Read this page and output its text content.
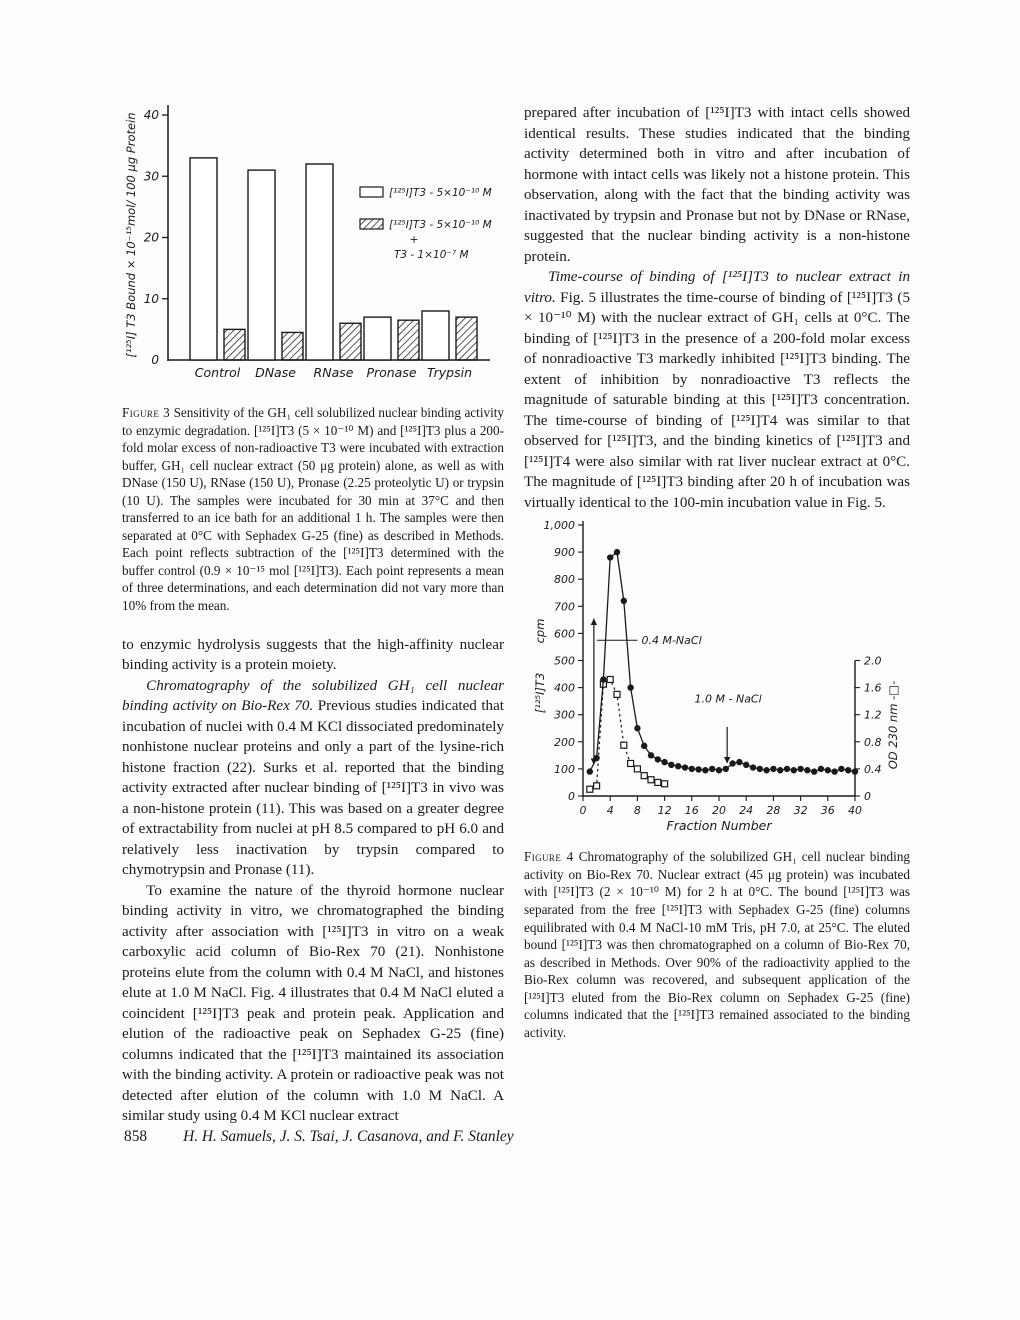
0
10
20
30
40
Control DNase RNase Pronase Trypsin
[¹²⁵I]T3 - 5×10⁻¹⁰ M
[¹²⁵I]T3 - 5×10⁻¹⁰ M
+
T3 - 1×10⁻⁷ M
[¹²⁵I] T3 Bound × 10⁻¹⁵mol/ 100 μg Protein
Figure 3 Sensitivity of the GH₁ cell solubilized nuclear binding activity to enzymic degradation. [¹²⁵I]T3 (5 × 10⁻¹⁰ M) and [¹²⁵I]T3 plus a 200-fold molar excess of non-radioactive T3 were incubated with extraction buffer, GH₁ cell nuclear extract (50 μg protein) alone, as well as with DNase (150 U), RNase (150 U), Pronase (2.25 proteolytic U) or trypsin (10 U). The samples were incubated for 30 min at 37°C and then transferred to an ice bath for an additional 1 h. The samples were then separated at 0°C with Sephadex G-25 (fine) as described in Methods. Each point reflects subtraction of the [¹²⁵I]T3 determined with the buffer control (0.9 × 10⁻¹⁵ mol [¹²⁵I]T3). Each point represents a mean of three determinations, and each determination did not vary more than 10% from the mean.

to enzymic hydrolysis suggests that the high-affinity nuclear binding activity is a protein moiety.

Chromatography of the solubilized GH₁ cell nuclear binding activity on Bio-Rex 70. Previous studies indicated that incubation of nuclei with 0.4 M KCl dissociated predominately nonhistone nuclear proteins and only a part of the lysine-rich histone fraction (22). Surks et al. reported that the binding activity extracted after nuclear binding of [¹²⁵I]T3 in vivo was a non-histone protein (11). This was based on a greater degree of extractability from nuclei at pH 8.5 compared to pH 6.0 and relatively less inactivation by trypsin compared to chymotrypsin and Pronase (11).

To examine the nature of the thyroid hormone nuclear binding activity in vitro, we chromatographed the binding activity after association with [¹²⁵I]T3 in vitro on a weak carboxylic acid column of Bio-Rex 70 (21). Nonhistone proteins elute from the column with 0.4 M NaCl, and histones elute at 1.0 M NaCl. Fig. 4 illustrates that 0.4 M NaCl eluted a coincident [¹²⁵I]T3 peak and protein peak. Application and elution of the radioactive peak on Sephadex G-25 (fine) columns indicated that the [¹²⁵I]T3 maintained its association with the binding activity. A protein or radioactive peak was not detected after elution of the column with 1.0 M NaCl. A similar study using 0.4 M KCl nuclear extract

prepared after incubation of [¹²⁵I]T3 with intact cells showed identical results. These studies indicated that the binding activity determined both in vitro and after incubation of hormone with intact cells was likely not a histone protein. This observation, along with the fact that the binding activity was inactivated by trypsin and Pronase but not by DNase or RNase, suggested that the nuclear binding activity is a non-histone protein.

Time-course of binding of [¹²⁵I]T3 to nuclear extract in vitro. Fig. 5 illustrates the time-course of binding of [¹²⁵I]T3 (5 × 10⁻¹⁰ M) with the nuclear extract of GH₁ cells at 0°C. The binding of [¹²⁵I]T3 in the presence of a 200-fold molar excess of nonradioactive T3 markedly inhibited [¹²⁵I]T3 binding. The extent of inhibition by nonradioactive T3 reflects the magnitude of saturable binding at this [¹²⁵I]T3 concentration. The time-course of binding of [¹²⁵I]T4 was similar to that observed for [¹²⁵I]T3, and the binding kinetics of [¹²⁵I]T3 and [¹²⁵I]T4 were also similar with rat liver nuclear extract at 0°C. The magnitude of [¹²⁵I]T3 binding after 20 h of incubation was virtually identical to the 100-min incubation value in Fig. 5.

0
100
200
300
400
500
600
700
800
900
1,000
0 4 8 12 16 20 24 28 32 36 40
0
0.4
0.8
1.2
1.6
2.0
0.4 M-NaCl
1.0 M - NaCl
Fraction Number
cpm
[¹²⁵I]T3	OD 230 nm -□-
Figure 4 Chromatography of the solubilized GH₁ cell nuclear binding activity on Bio-Rex 70. Nuclear extract (45 μg protein) was incubated with [¹²⁵I]T3 (2 × 10⁻¹⁰ M) for 2 h at 0°C. The bound [¹²⁵I]T3 was separated from the free [¹²⁵I]T3 with Sephadex G-25 (fine) columns equilibrated with 0.4 M NaCl-10 mM Tris, pH 7.0, at 25°C. The eluted bound [¹²⁵I]T3 was then chromatographed on a column of Bio-Rex 70, as described in Methods. Over 90% of the radioactivity applied to the Bio-Rex column was recovered, and subsequent application of the [¹²⁵I]T3 eluted from the Bio-Rex column on Sephadex G-25 (fine) columns indicated that the [¹²⁵I]T3 remained associated to the binding activity.
858 H. H. Samuels, J. S. Tsai, J. Casanova, and F. Stanley
